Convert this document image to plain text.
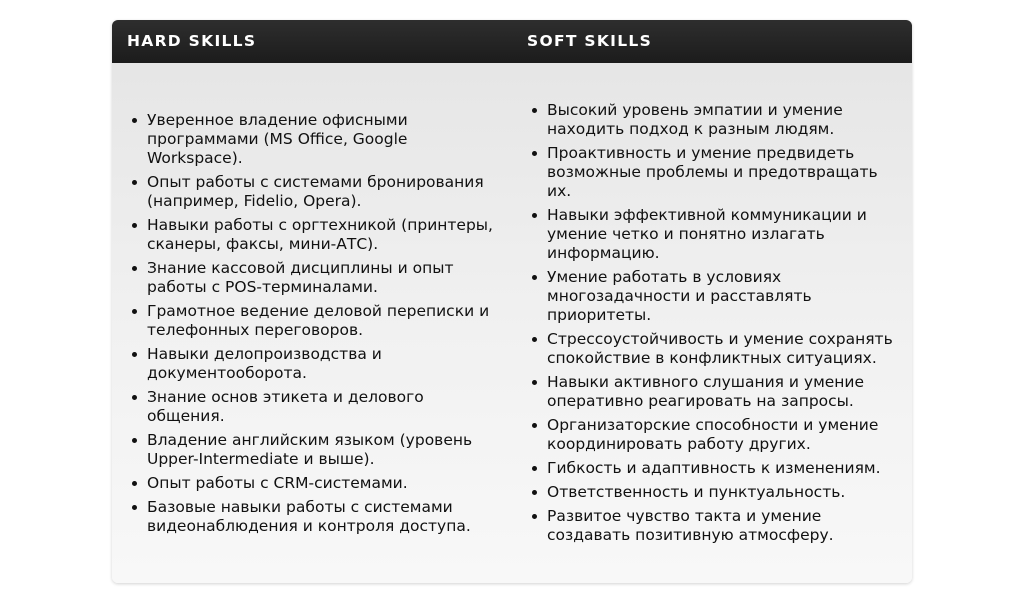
HARD SKILLS	SOFT SKILLS
Уверенное владение офисными программами (MS Office, Google Workspace).
Опыт работы с системами бронирования (например, Fidelio, Opera).
Навыки работы с оргтехникой (принтеры, сканеры, факсы, мини-АТС).
Знание кассовой дисциплины и опыт работы с POS-терминалами.
Грамотное ведение деловой переписки и телефонных переговоров.
Навыки делопроизводства и документооборота.
Знание основ этикета и делового общения.
Владение английским языком (уровень Upper-Intermediate и выше).
Опыт работы с CRM-системами.
Базовые навыки работы с системами видеонаблюдения и контроля доступа.
Высокий уровень эмпатии и умение находить подход к разным людям.
Проактивность и умение предвидеть возможные проблемы и предотвращать их.
Навыки эффективной коммуникации и умение четко и понятно излагать информацию.
Умение работать в условиях многозадачности и расставлять приоритеты.
Стрессоустойчивость и умение сохранять спокойствие в конфликтных ситуациях.
Навыки активного слушания и умение оперативно реагировать на запросы.
Организаторские способности и умение координировать работу других.
Гибкость и адаптивность к изменениям.
Ответственность и пунктуальность.
Развитое чувство такта и умение создавать позитивную атмосферу.
